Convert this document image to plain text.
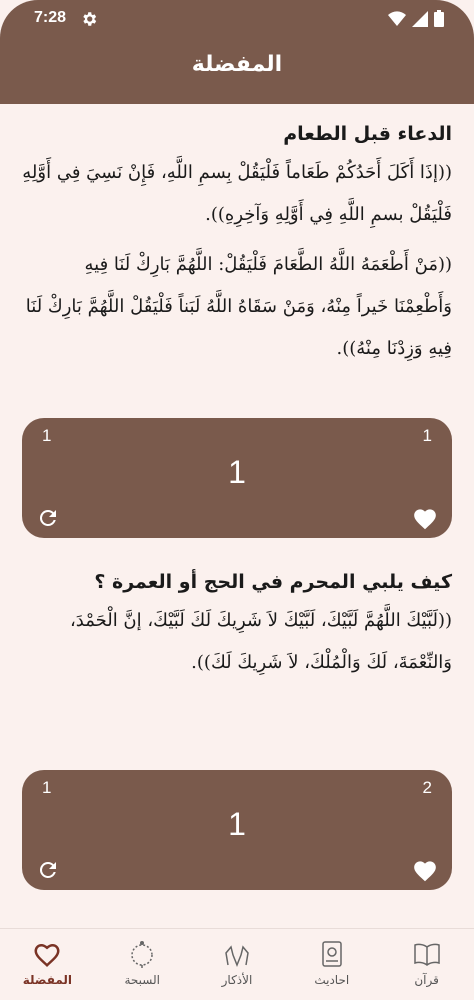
7:28
المفضلة
الدعاء قبل الطعام

((إذَا أَكَلَ أَحَدُكُمْ طَعَاماً فَلْيَقُلْ بِسمِ اللَّهِ، فَإِنْ نَسِيَ فِي أَوَّلِهِ فَلْيَقُلْ بسمِ اللَّهِ فِي أَوَّلِهِ وَآخِرِهِ)).

((مَنْ أَطْعَمَهُ اللَّهُ الطَّعَامَ فَلْيَقُلْ: اللَّهُمَّ بَارِكْ لَنَا فِيهِ وَأَطْعِمْنَا خَيراً مِنْهُ، وَمَنْ سَقَاهُ اللَّهُ لَبَناً فَلْيَقُلْ اللَّهُمَّ بَارِكْ لَنَا فِيهِ وَزِدْنَا مِنْهُ)).

1	1
1
كيف يلبي المحرم في الحج أو العمرة ؟

((لَبَّيْكَ اللَّهُمَّ لَبَّيْكَ، لَبَّيْكَ لاَ شَرِيكَ لَكَ لَبَّيْكَ، إنَّ الْحَمْدَ، وَالنِّعْمَةَ، لَكَ وَالْمُلْكَ، لاَ شَرِيكَ لَكَ)).

1	2
1
المفضلة	السبحة	الأذكار	احاديث	قرآن
